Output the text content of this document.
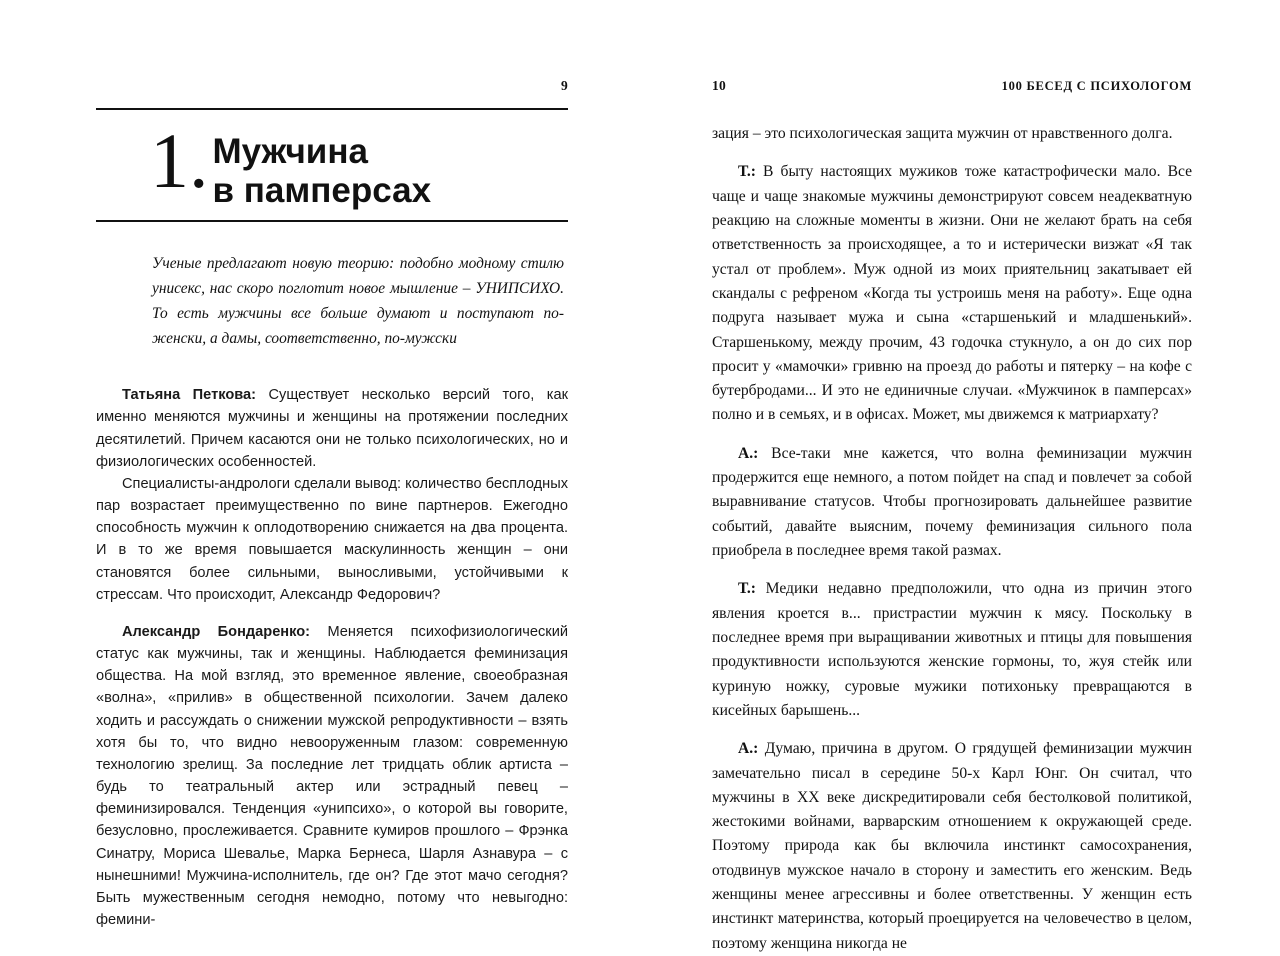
9
1. Мужчина
в памперсах
Ученые предлагают новую теорию: подобно модному стилю унисекс, нас скоро поглотит новое мышление – УНИПСИХО. То есть мужчины все больше думают и поступают по-женски, а дамы, соответственно, по-мужски

Татьяна Петкова: Существует несколько версий того, как именно меняются мужчины и женщины на протяжении последних десятилетий. Причем касаются они не только психологических, но и физиологических особенностей.

Специалисты-андрологи сделали вывод: количество бесплодных пар возрастает преимущественно по вине партнеров. Ежегодно способность мужчин к оплодотворению снижается на два процента. И в то же время повышается маскулинность женщин – они становятся более сильными, выносливыми, устойчивыми к стрессам. Что происходит, Александр Федорович?

Александр Бондаренко: Меняется психофизиологический статус как мужчины, так и женщины. Наблюдается феминизация общества. На мой взгляд, это временное явление, своеобразная «волна», «прилив» в общественной психологии. Зачем далеко ходить и рассуждать о снижении мужской репродуктивности – взять хотя бы то, что видно невооруженным глазом: современную технологию зрелищ. За последние лет тридцать облик артиста – будь то театральный актер или эстрадный певец – феминизировался. Тенденция «унипсихо», о которой вы говорите, безусловно, прослеживается. Сравните кумиров прошлого – Фрэнка Синатру, Мориса Шевалье, Марка Бернеса, Шарля Азнавура – с нынешними! Мужчина-исполнитель, где он? Где этот мачо сегодня? Быть мужественным сегодня немодно, потому что невыгодно: фемини-

10	100 БЕСЕД С ПСИХОЛОГОМ

зация – это психологическая защита мужчин от нравственного долга.

Т.: В быту настоящих мужиков тоже катастрофически мало. Все чаще и чаще знакомые мужчины демонстрируют совсем неадекватную реакцию на сложные моменты в жизни. Они не желают брать на себя ответственность за происходящее, а то и истерически визжат «Я так устал от проблем». Муж одной из моих приятельниц закатывает ей скандалы с рефреном «Когда ты устроишь меня на работу». Еще одна подруга называет мужа и сына «старшенький и младшенький». Старшенькому, между прочим, 43 годочка стукнуло, а он до сих пор просит у «мамочки» гривню на проезд до работы и пятерку – на кофе с бутербродами... И это не единичные случаи. «Мужчинок в памперсах» полно и в семьях, и в офисах. Может, мы движемся к матриархату?

А.: Все-таки мне кажется, что волна феминизации мужчин продержится еще немного, а потом пойдет на спад и повлечет за собой выравнивание статусов. Чтобы прогнозировать дальнейшее развитие событий, давайте выясним, почему феминизация сильного пола приобрела в последнее время такой размах.

Т.: Медики недавно предположили, что одна из причин этого явления кроется в... пристрастии мужчин к мясу. Поскольку в последнее время при выращивании животных и птицы для повышения продуктивности используются женские гормоны, то, жуя стейк или куриную ножку, суровые мужики потихоньку превращаются в кисейных барышень...

А.: Думаю, причина в другом. О грядущей феминизации мужчин замечательно писал в середине 50-х Карл Юнг. Он считал, что мужчины в XX веке дискредитировали себя бестолковой политикой, жестокими войнами, варварским отношением к окружающей среде. Поэтому природа как бы включила инстинкт самосохранения, отодвинув мужское начало в сторону и заместить его женским. Ведь женщины менее агрессивны и более ответственны. У женщин есть инстинкт материнства, который проецируется на человечество в целом, поэтому женщина никогда не
